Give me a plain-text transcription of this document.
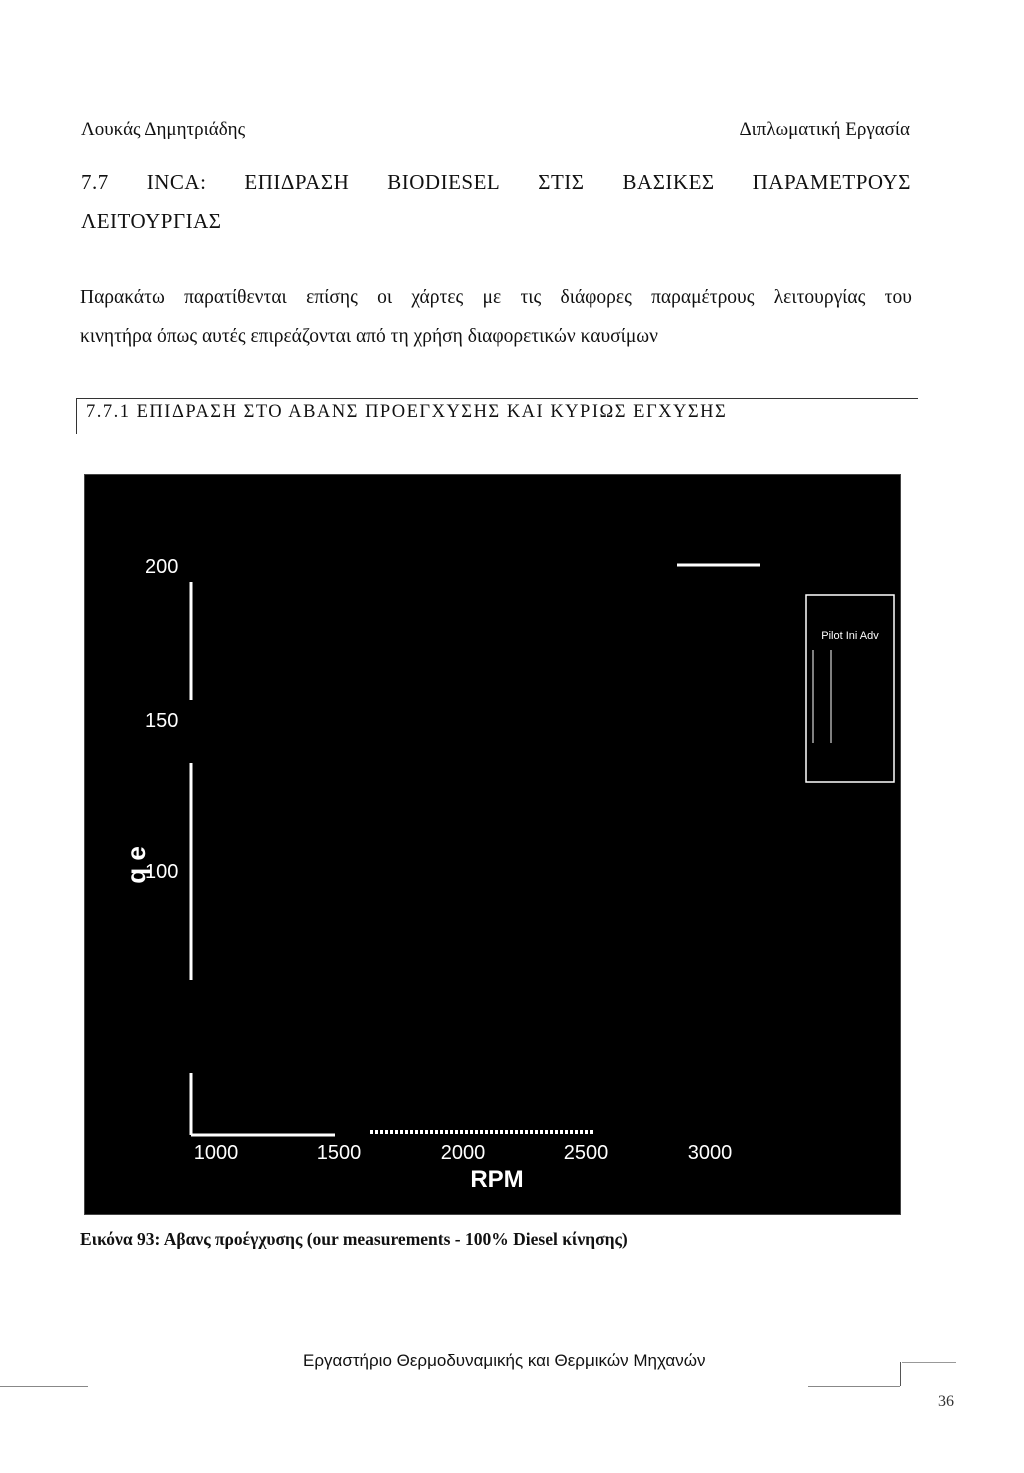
Λουκάς Δημητριάδης	Διπλωματική Εργασία
7.7 INCA: ΕΠΙΔΡΑΣΗ BIODIESEL ΣΤΙΣ ΒΑΣΙΚΕΣ ΠΑΡΑΜΕΤΡΟΥΣ
ΛΕΙΤΟΥΡΓΙΑΣ
Παρακάτω παρατίθενται επίσης οι χάρτες με τις διάφορες παραμέτρους λειτουργίας του
κινητήρα όπως αυτές επιρεάζονται από τη χρήση διαφορετικών καυσίμων
7.7.1 ΕΠΙΔΡΑΣΗ ΣΤΟ ΑΒΑΝΣ ΠΡΟΕΓΧΥΣΗΣ ΚΑΙ ΚΥΡΙΩΣ ΕΓΧΥΣΗΣ
200
150
100
q e
1000	1500	2000	2500	3000
RPM
Pilot Ini Adv
Εικόνα 93: Αβανς προέγχυσης (our measurements - 100% Diesel κίνησης)
Εργαστήριο Θερμοδυναμικής και Θερμικών Μηχανών
36
